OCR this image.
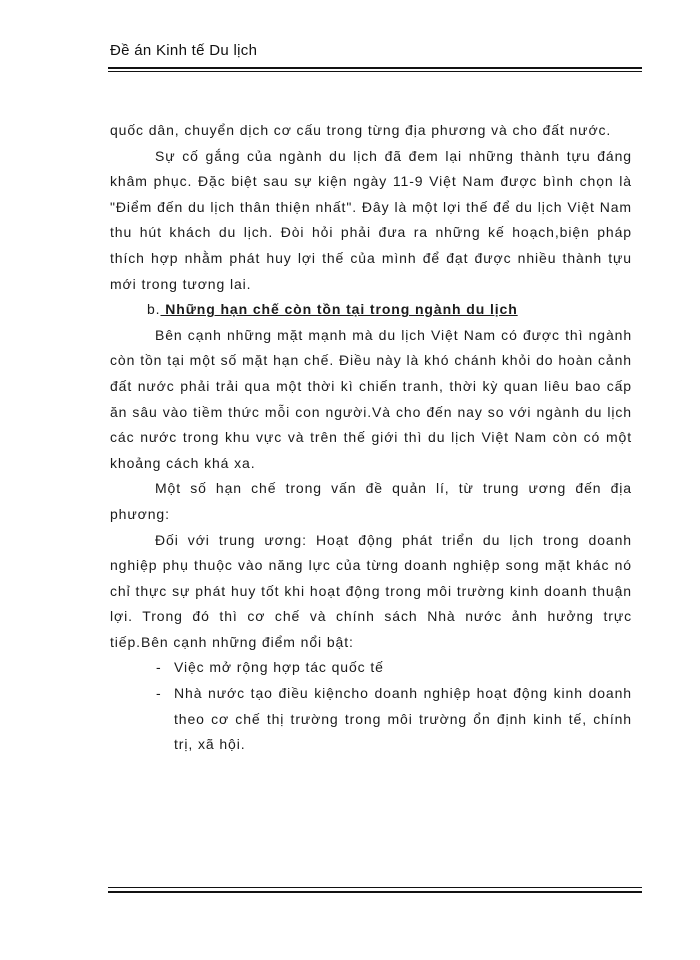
Đề án Kinh tế Du lịch

quốc dân, chuyển dịch cơ cấu trong từng địa phương và cho đất nước.

Sự cố gắng của ngành du lịch đã đem lại những thành tựu đáng khâm phục. Đặc biệt sau sự kiện ngày 11-9 Việt Nam được bình chọn là "Điểm đến du lịch thân thiện nhất". Đây là một lợi thế để du lịch Việt Nam thu hút khách du lịch. Đòi hỏi phải đưa ra những kế hoạch,biện pháp thích hợp nhằm phát huy lợi thế của mình để đạt được nhiều thành tựu mới trong tương lai.

b. Những hạn chế còn tồn tại trong ngành du lịch

Bên cạnh những mặt mạnh mà du lịch Việt Nam có được thì ngành còn tồn tại một số mặt hạn chế. Điều này là khó chánh khỏi do hoàn cảnh đất nước phải trải qua một thời kì chiến tranh, thời kỳ quan liêu bao cấp ăn sâu vào tiềm thức mỗi con người.Và cho đến nay so với ngành du lịch các nước trong khu vực và trên thế giới thì du lịch Việt Nam còn có một khoảng cách khá xa.

Một số hạn chế trong vấn đề quản lí, từ trung ương đến địa phương:

Đối với trung ương: Hoạt động phát triển du lịch trong doanh nghiệp phụ thuộc vào năng lực của từng doanh nghiệp song mặt khác nó chỉ thực sự phát huy tốt khi hoạt động trong môi trường kinh doanh thuận lợi. Trong đó thì cơ chế và chính sách Nhà nước ảnh hưởng trực tiếp.Bên cạnh những điểm nổi bật:

- Việc mở rộng hợp tác quốc tế
- Nhà nước tạo điều kiệncho doanh nghiệp hoạt động kinh doanh theo cơ chế thị trường trong môi trường ổn định kinh tế, chính trị, xã hội.
